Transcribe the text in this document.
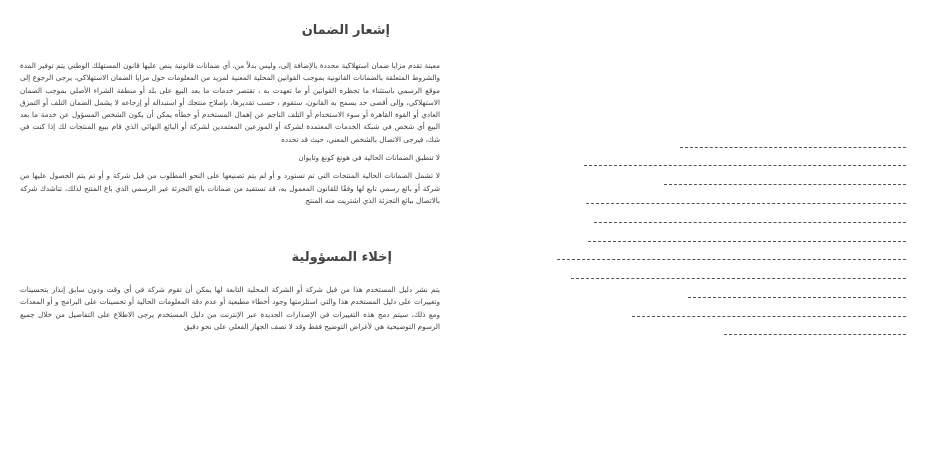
إشعار الضمان

معينة تقدم مزايا ضمان استهلاكية محددة بالإضافة إلى، وليس بدلاً من، أي ضمانات قانونية ينص عليها قانون المستهلك الوطني يتم توفير المدة والشروط المتعلقة بالضمانات القانونية بموجب القوانين المحلية المعنية لمزيد من المعلومات حول مزايا الضمان الاستهلاكي، يرجى الرجوع إلى موقع الرسمي باستثناء ما تحظره القوانين أو ما تعهدت به ، تقتصر خدمات ما بعد البيع على بلد أو منطقة الشراء الأصلي بموجب الضمان الاستهلاكي، وإلى أقصى حد يسمح به القانون، ستقوم ، حسب تقديرها، بإصلاح منتجك أو استبداله أو إرجاعه لا يشمل الضمان التلف أو التمزق العادي أو القوة القاهرة أو سوء الاستخدام أو التلف الناجم عن إهمال المستخدم أو خطأه يمكن أن يكون الشخص المسؤول عن خدمة ما بعد البيع أي شخص في شبكة الخدمات المعتمدة لشركة أو الموزعين المعتمدين لشركة أو البائع النهائي الذي قام ببيع المنتجات لك إذا كنت في شك، فيرجى الاتصال بالشخص المعني، حيث قد تحدده

لا تنطبق الضمانات الحالية في هونغ كونغ وتايوان

لا تشمل الضمانات الحالية المنتجات التي تم تستورد و أو لم يتم تصنيعها على النحو المطلوب من قبل شركة و أو تم يتم الحصول عليها من شركة أو بائع رسمي تابع لها وفقًا للقانون المعمول به، قد تستفيد من ضمانات بائع التجزئة غير الرسمي الذي باع المنتج لذلك، تناشدك شركة بالاتصال ببائع التجزئة الذي اشتريت منه المنتج

إخلاء المسؤولية

يتم نشر دليل المستخدم هذا من قبل شركة أو الشركة المحلية التابعة لها يمكن أن تقوم شركة في أي وقت ودون سابق إنذار بتحسينات وتغييرات على دليل المستخدم هذا والتي استلزمتها وجود أخطاء مطبعية أو عدم دقة المعلومات الحالية أو تحسينات على البرامج و أو المعدات ومع ذلك، سيتم دمج هذه التغييرات في الإصدارات الجديدة عبر الإنترنت من دليل المستخدم يرجى الاطلاع على التفاصيل من خلال جميع الرسوم التوضيحية هي لأغراض التوضيح فقط وقد لا تصف الجهاز الفعلي على نحو دقيق
